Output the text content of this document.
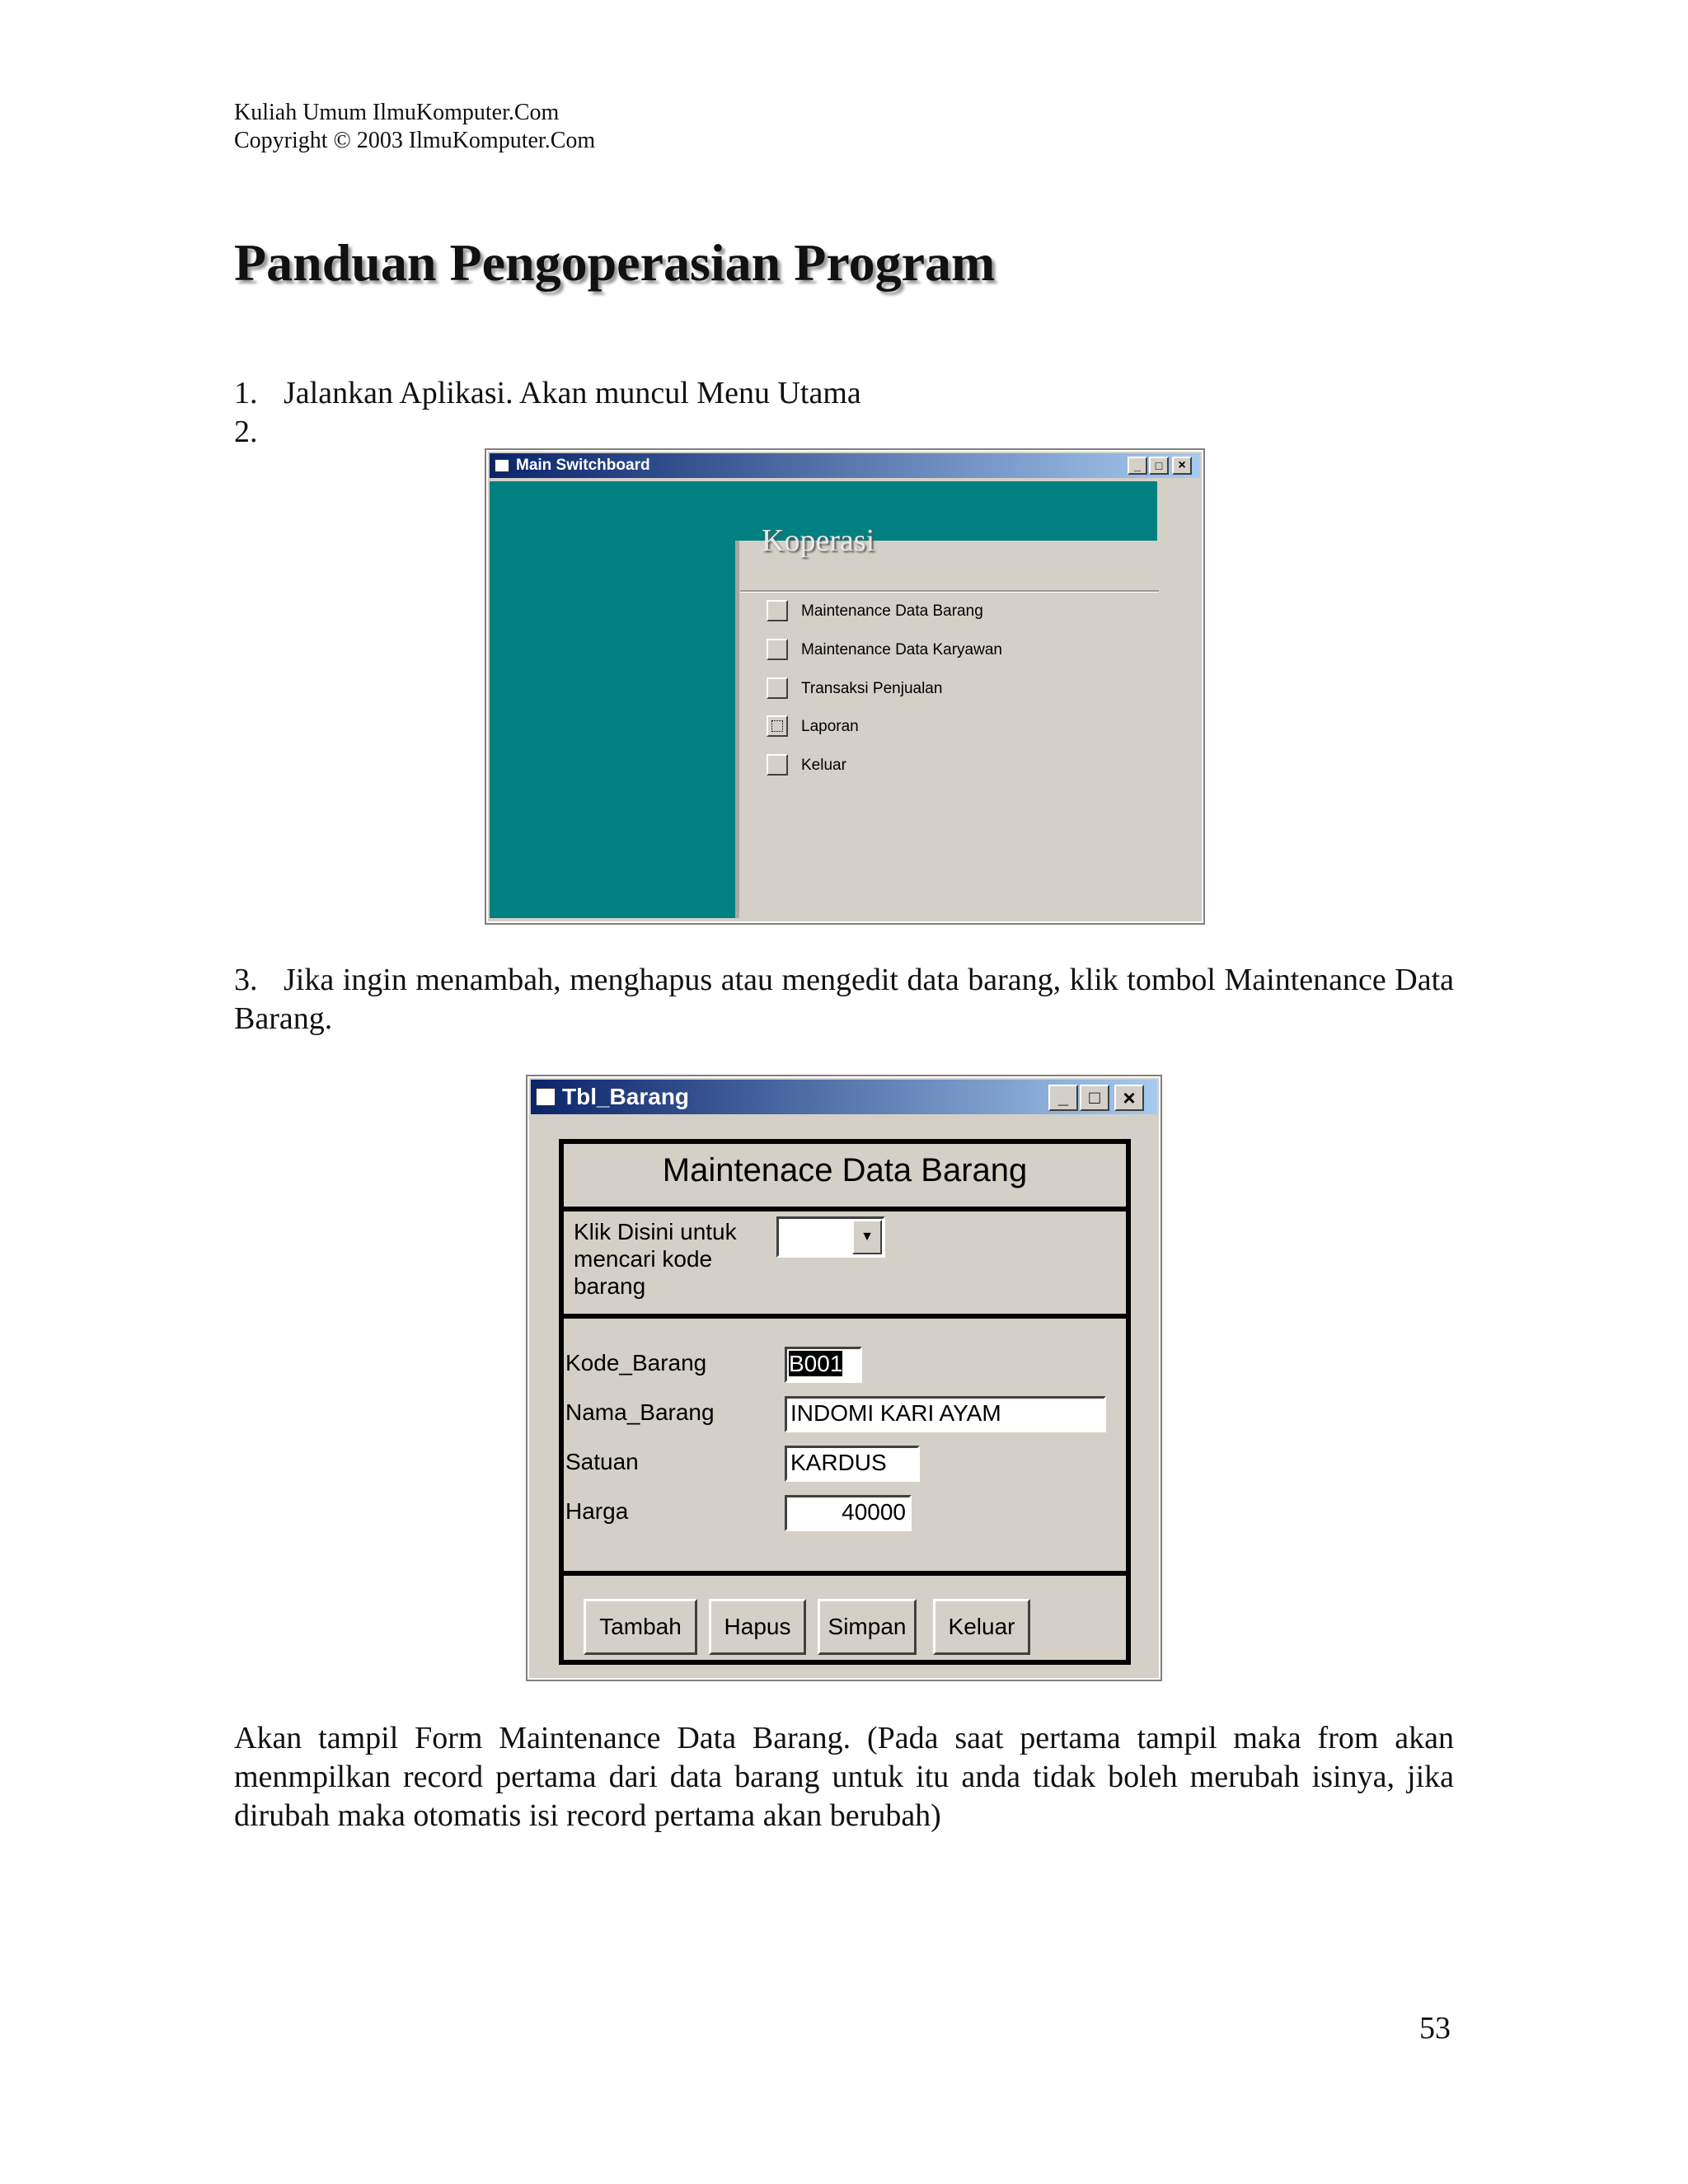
Kuliah Umum IlmuKomputer.Com
Copyright © 2003 IlmuKomputer.Com
Panduan Pengoperasian Program
1. Jalankan Aplikasi. Akan muncul Menu Utama
2.
Main Switchboard	_	□	×
Koperasi
Maintenance Data Barang
Maintenance Data Karyawan
Transaksi Penjualan
Laporan
Keluar
3. Jika ingin menambah, menghapus atau mengedit data barang, klik tombol Maintenance Data Barang.
Tbl_Barang	_	□	×
Maintenace Data Barang
Klik Disini untuk mencari kode barang
▼
Kode_Barang	B001
Nama_Barang	INDOMI KARI AYAM
Satuan	KARDUS
Harga	40000
Tambah	Hapus	Simpan	Keluar
Akan tampil Form Maintenance Data Barang. (Pada saat pertama tampil maka from akan menmpilkan record pertama dari data barang untuk itu anda tidak boleh merubah isinya, jika dirubah maka otomatis isi record pertama akan berubah)
53
